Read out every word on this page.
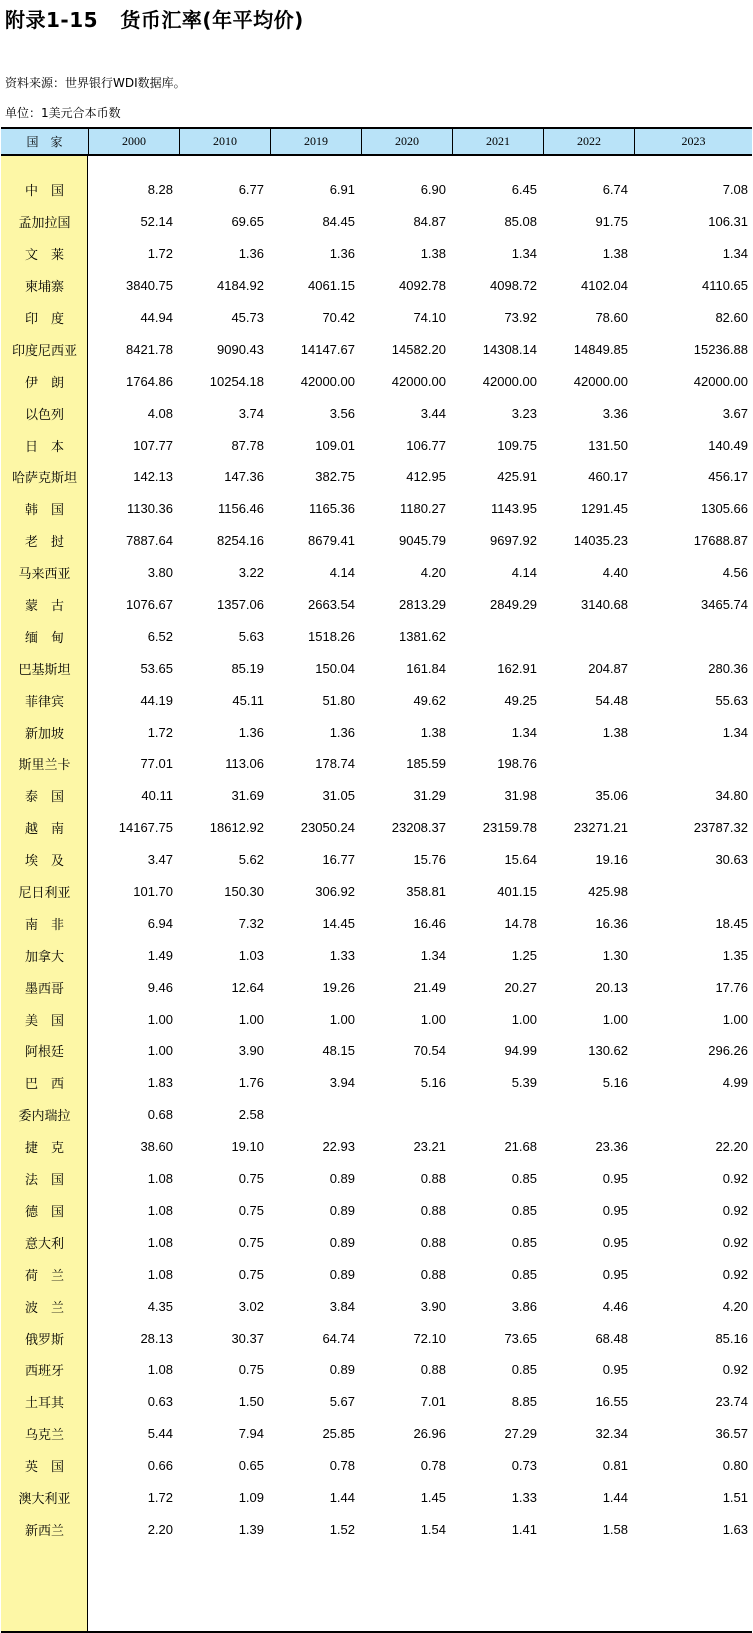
附录1-15   货币汇率(年平均价)
资料来源：世界银行WDI数据库。
单位：1美元合本币数
国　家	2000	2010	2019	2020	2021	2022	2023
中　国	8.28	6.77	6.91	6.90	6.45	6.74	7.08
孟加拉国	52.14	69.65	84.45	84.87	85.08	91.75	106.31
文　莱	1.72	1.36	1.36	1.38	1.34	1.38	1.34
柬埔寨	3840.75	4184.92	4061.15	4092.78	4098.72	4102.04	4110.65
印　度	44.94	45.73	70.42	74.10	73.92	78.60	82.60
印度尼西亚	8421.78	9090.43	14147.67	14582.20	14308.14	14849.85	15236.88
伊　朗	1764.86	10254.18	42000.00	42000.00	42000.00	42000.00	42000.00
以色列	4.08	3.74	3.56	3.44	3.23	3.36	3.67
日　本	107.77	87.78	109.01	106.77	109.75	131.50	140.49
哈萨克斯坦	142.13	147.36	382.75	412.95	425.91	460.17	456.17
韩　国	1130.36	1156.46	1165.36	1180.27	1143.95	1291.45	1305.66
老　挝	7887.64	8254.16	8679.41	9045.79	9697.92	14035.23	17688.87
马来西亚	3.80	3.22	4.14	4.20	4.14	4.40	4.56
蒙　古	1076.67	1357.06	2663.54	2813.29	2849.29	3140.68	3465.74
缅　甸	6.52	5.63	1518.26	1381.62
巴基斯坦	53.65	85.19	150.04	161.84	162.91	204.87	280.36
菲律宾	44.19	45.11	51.80	49.62	49.25	54.48	55.63
新加坡	1.72	1.36	1.36	1.38	1.34	1.38	1.34
斯里兰卡	77.01	113.06	178.74	185.59	198.76
泰　国	40.11	31.69	31.05	31.29	31.98	35.06	34.80
越　南	14167.75	18612.92	23050.24	23208.37	23159.78	23271.21	23787.32
埃　及	3.47	5.62	16.77	15.76	15.64	19.16	30.63
尼日利亚	101.70	150.30	306.92	358.81	401.15	425.98
南　非	6.94	7.32	14.45	16.46	14.78	16.36	18.45
加拿大	1.49	1.03	1.33	1.34	1.25	1.30	1.35
墨西哥	9.46	12.64	19.26	21.49	20.27	20.13	17.76
美　国	1.00	1.00	1.00	1.00	1.00	1.00	1.00
阿根廷	1.00	3.90	48.15	70.54	94.99	130.62	296.26
巴　西	1.83	1.76	3.94	5.16	5.39	5.16	4.99
委内瑞拉	0.68	2.58
捷　克	38.60	19.10	22.93	23.21	21.68	23.36	22.20
法　国	1.08	0.75	0.89	0.88	0.85	0.95	0.92
德　国	1.08	0.75	0.89	0.88	0.85	0.95	0.92
意大利	1.08	0.75	0.89	0.88	0.85	0.95	0.92
荷　兰	1.08	0.75	0.89	0.88	0.85	0.95	0.92
波　兰	4.35	3.02	3.84	3.90	3.86	4.46	4.20
俄罗斯	28.13	30.37	64.74	72.10	73.65	68.48	85.16
西班牙	1.08	0.75	0.89	0.88	0.85	0.95	0.92
土耳其	0.63	1.50	5.67	7.01	8.85	16.55	23.74
乌克兰	5.44	7.94	25.85	26.96	27.29	32.34	36.57
英　国	0.66	0.65	0.78	0.78	0.73	0.81	0.80
澳大利亚	1.72	1.09	1.44	1.45	1.33	1.44	1.51
新西兰	2.20	1.39	1.52	1.54	1.41	1.58	1.63
